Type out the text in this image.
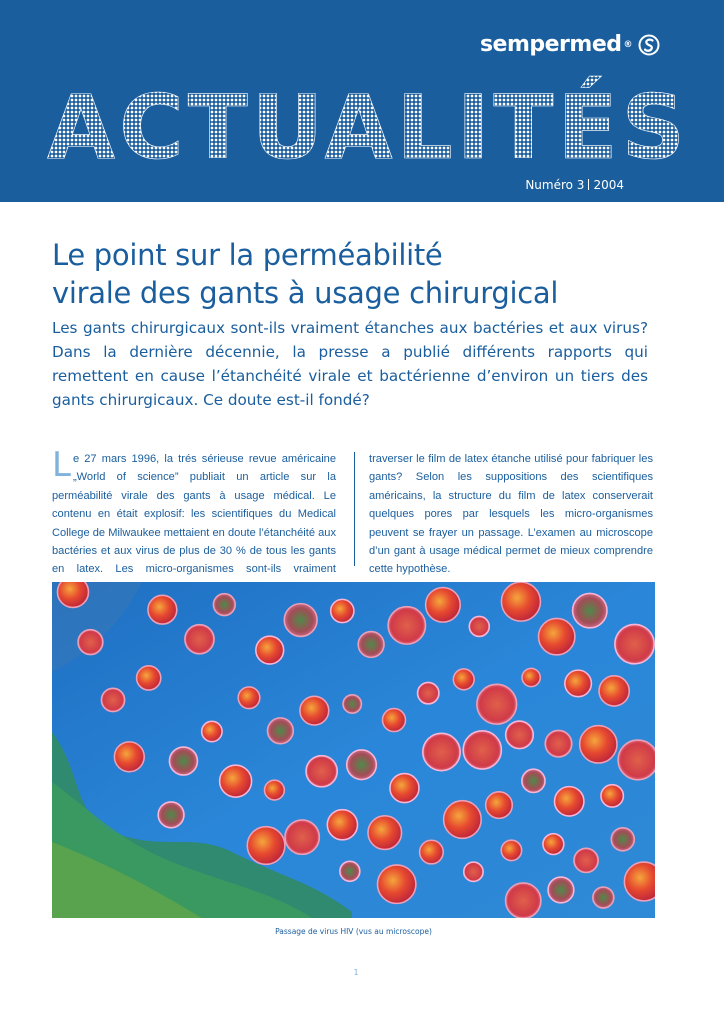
sempermed ®
ACTUALITÉS
Numéro 3 2004
Le point sur la perméabilité
virale des gants à usage chirurgical

Les gants chirurgicaux sont-ils vraiment étanches aux bactéries et aux virus? Dans la dernière décennie, la presse a publié différents rapports qui remettent en cause l’étanchéité virale et bactérienne d’environ un tiers des gants chirurgicaux. Ce doute est-il fondé?

Le 27 mars 1996, la trés sérieuse revue américaine „World of science” publiait un article sur la perméabilité virale des gants à usage médical. Le contenu en était explosif: les scientifiques du Medical College de Milwaukee mettaient en doute l’étanchéité aux bactéries et aux virus de plus de 30 % de tous les gants en latex. Les micro-organismes sont-ils vraiment

traverser le film de latex étanche utilisé pour fabriquer les gants? Selon les suppositions des scientifiques américains, la structure du film de latex conserverait quelques pores par lesquels les micro-organismes peuvent se frayer un passage. L’examen au microscope d’un gant à usage médical permet de mieux comprendre cette hypothèse.

Passage de virus HIV (vus au microscope)
1
